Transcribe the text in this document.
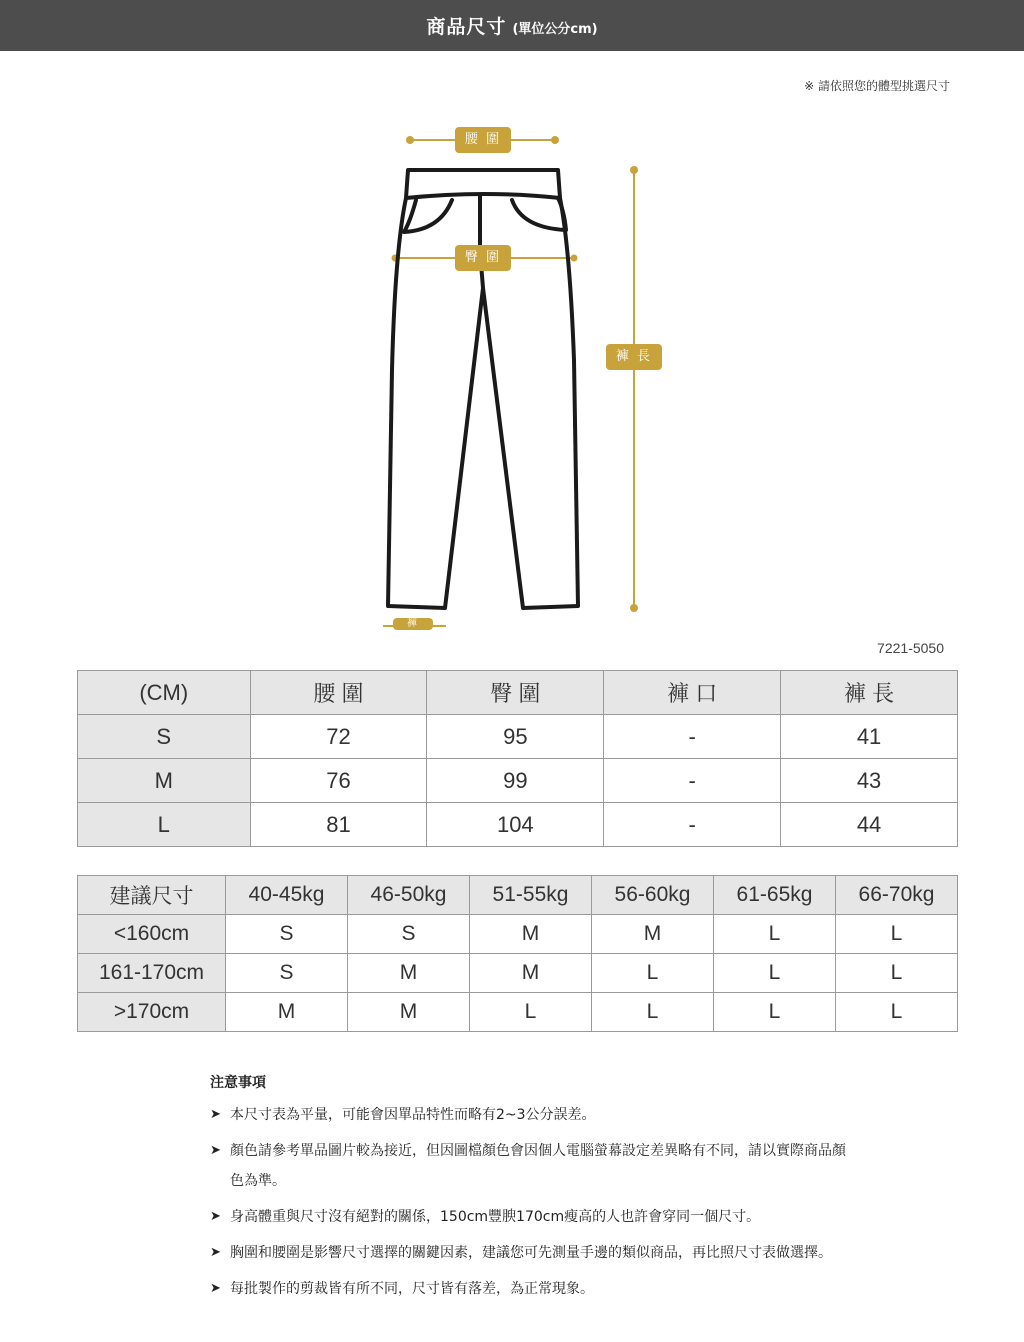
商品尺寸 (單位公分cm)
※ 請依照您的體型挑選尺寸
腰 圍
臀 圍
褲 長
褲 口
7221-5050
(CM)	腰 圍	臀 圍	褲 口	褲 長
S	72	95	-	41
M	76	99	-	43
L	81	104	-	44
建議尺寸	40-45kg	46-50kg	51-55kg	56-60kg	61-65kg	66-70kg
<160cm	S	S	M	M	L	L
161-170cm	S	M	M	L	L	L
>170cm	M	M	L	L	L	L
注意事項
➤ 本尺寸表為平量，可能會因單品特性而略有2~3公分誤差。
➤ 顏色請參考單品圖片較為接近，但因圖檔顏色會因個人電腦螢幕設定差異略有不同，請以實際商品顏色為準。
➤ 身高體重與尺寸沒有絕對的關係，150cm豐腴170cm瘦高的人也許會穿同一個尺寸。
➤ 胸圍和腰圍是影響尺寸選擇的關鍵因素，建議您可先測量手邊的類似商品，再比照尺寸表做選擇。
➤ 每批製作的剪裁皆有所不同，尺寸皆有落差，為正常現象。
